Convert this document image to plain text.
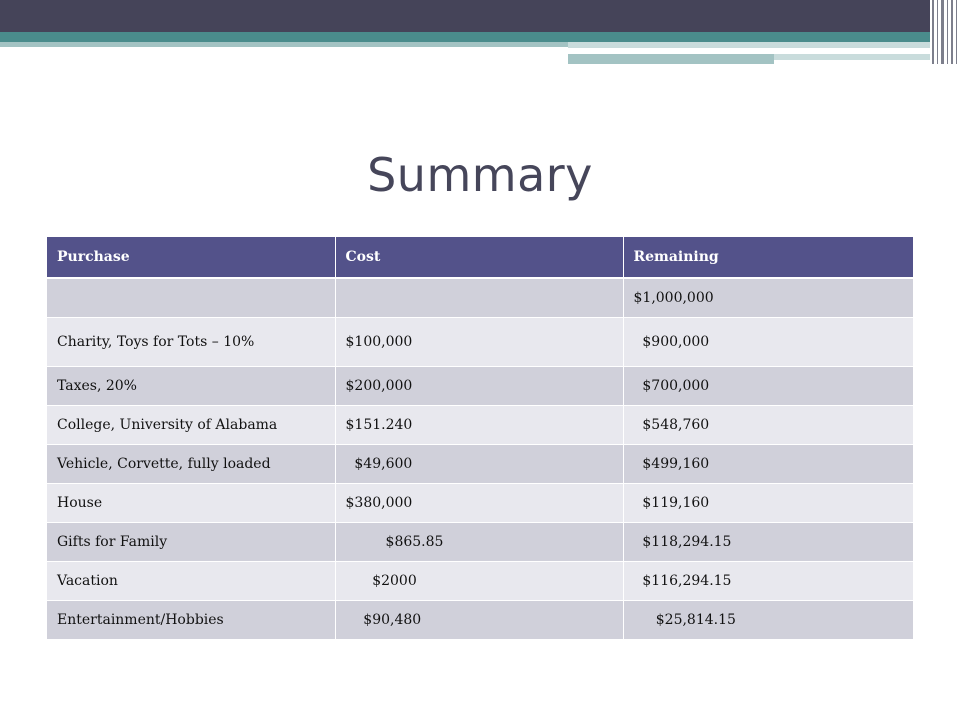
Summary
Purchase	Cost	Remaining
		$1,000,000
Charity, Toys for Tots – 10%	$100,000	$900,000
Taxes, 20%	$200,000	$700,000
College, University of Alabama	$151.240	$548,760
Vehicle, Corvette, fully loaded	$49,600	$499,160
House	$380,000	$119,160
Gifts for Family	$865.85	$118,294.15
Vacation	$2000	$116,294.15
Entertainment/Hobbies	$90,480	$25,814.15
